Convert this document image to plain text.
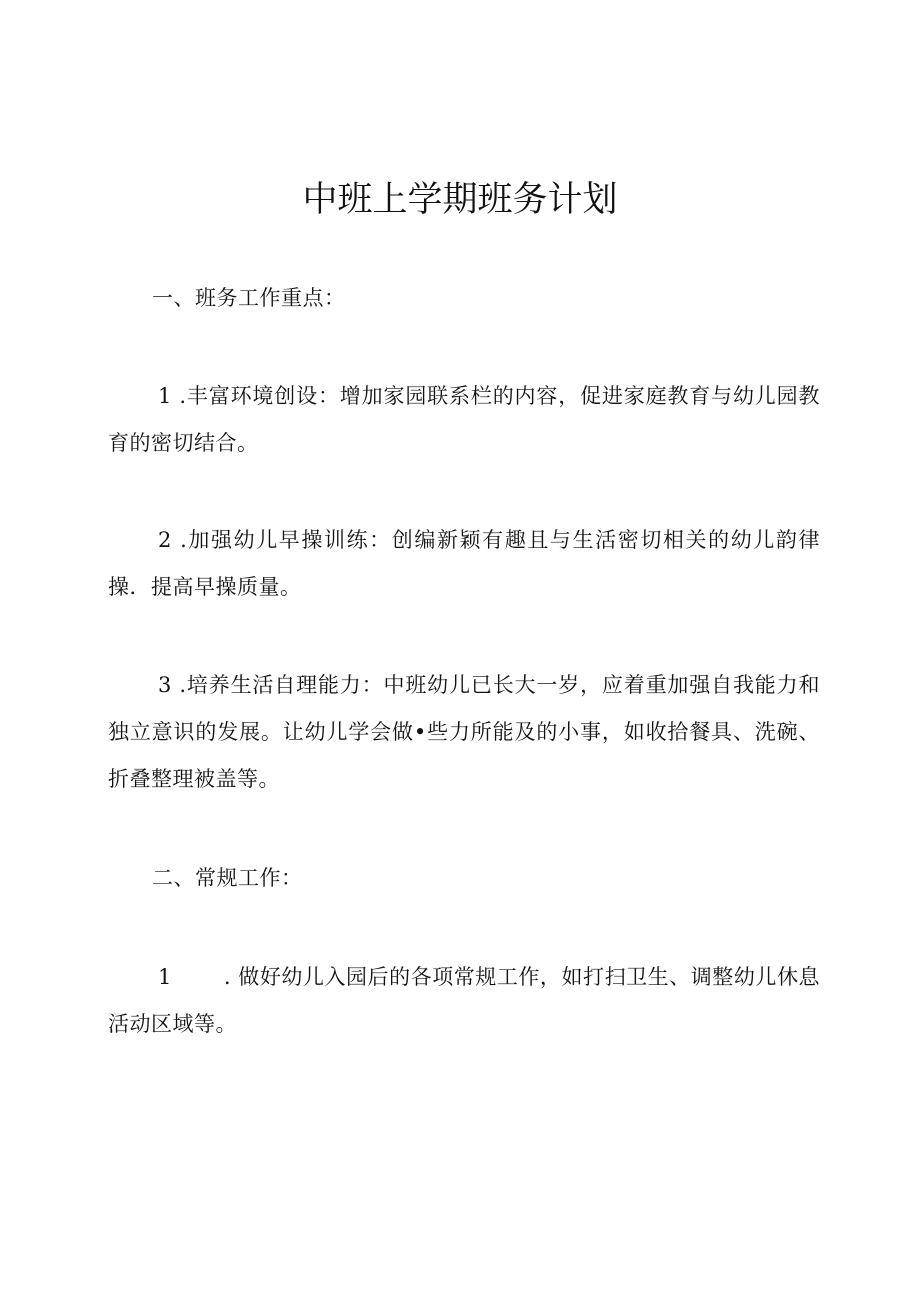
中班上学期班务计划

一、班务工作重点：

1 .丰富环境创设：增加家园联系栏的内容，促进家庭教育与幼儿园教育的密切结合。

2 .加强幼儿早操训练：创编新颖有趣且与生活密切相关的幼儿韵律操．提高早操质量。

3 .培养生活自理能力：中班幼儿已长大一岁，应着重加强自我能力和独立意识的发展。让幼儿学会做•些力所能及的小事，如收拾餐具、洗碗、折叠整理被盖等。

二、常规工作：

1 . 做好幼儿入园后的各项常规工作，如打扫卫生、调整幼儿休息活动区域等。
